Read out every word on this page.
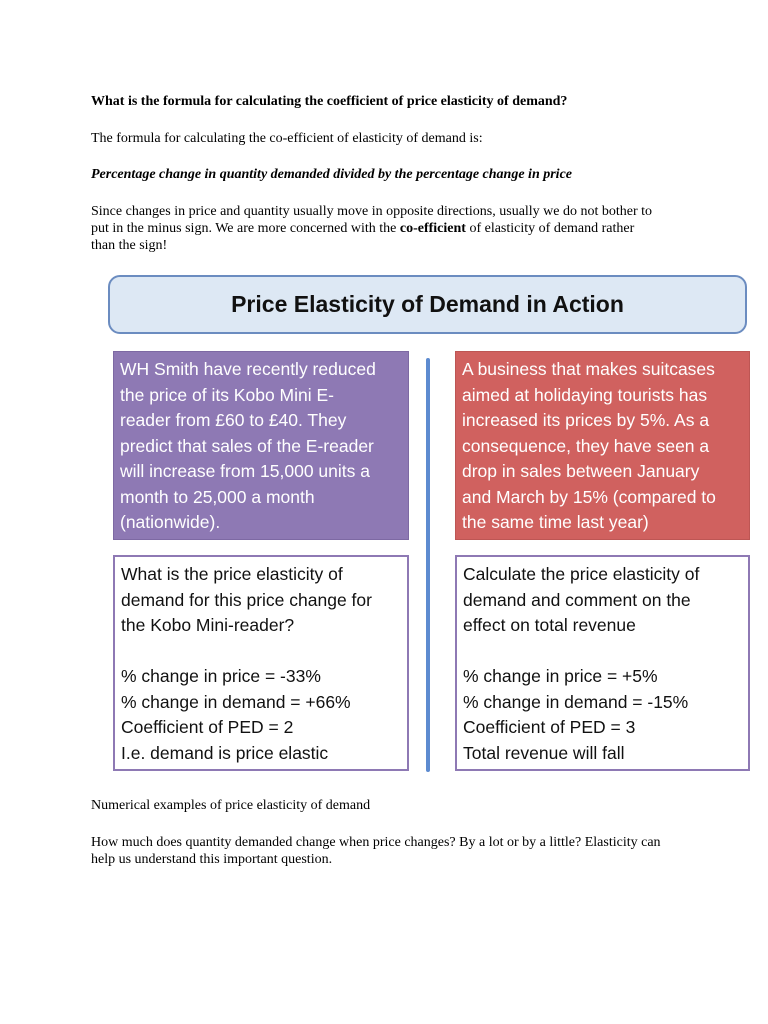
What is the formula for calculating the coefficient of price elasticity of demand?

The formula for calculating the co-efficient of elasticity of demand is:

Percentage change in quantity demanded divided by the percentage change in price

Since changes in price and quantity usually move in opposite directions, usually we do not bother to put in the minus sign. We are more concerned with the co-efficient of elasticity of demand rather than the sign!

Price Elasticity of Demand in Action
WH Smith have recently reduced
the price of its Kobo Mini E-
reader from £60 to £40. They
predict that sales of the E-reader
will increase from 15,000 units a
month to 25,000 a month
(nationwide).
A business that makes suitcases
aimed at holidaying tourists has
increased its prices by 5%. As a
consequence, they have seen a
drop in sales between January
and March by 15% (compared to
the same time last year)
What is the price elasticity of
demand for this price change for
the Kobo Mini-reader?
% change in price = -33%
% change in demand = +66%
Coefficient of PED = 2
I.e. demand is price elastic
Calculate the price elasticity of
demand and comment on the
effect on total revenue
% change in price = +5%
% change in demand = -15%
Coefficient of PED = 3
Total revenue will fall

Numerical examples of price elasticity of demand

How much does quantity demanded change when price changes? By a lot or by a little? Elasticity can help us understand this important question.
